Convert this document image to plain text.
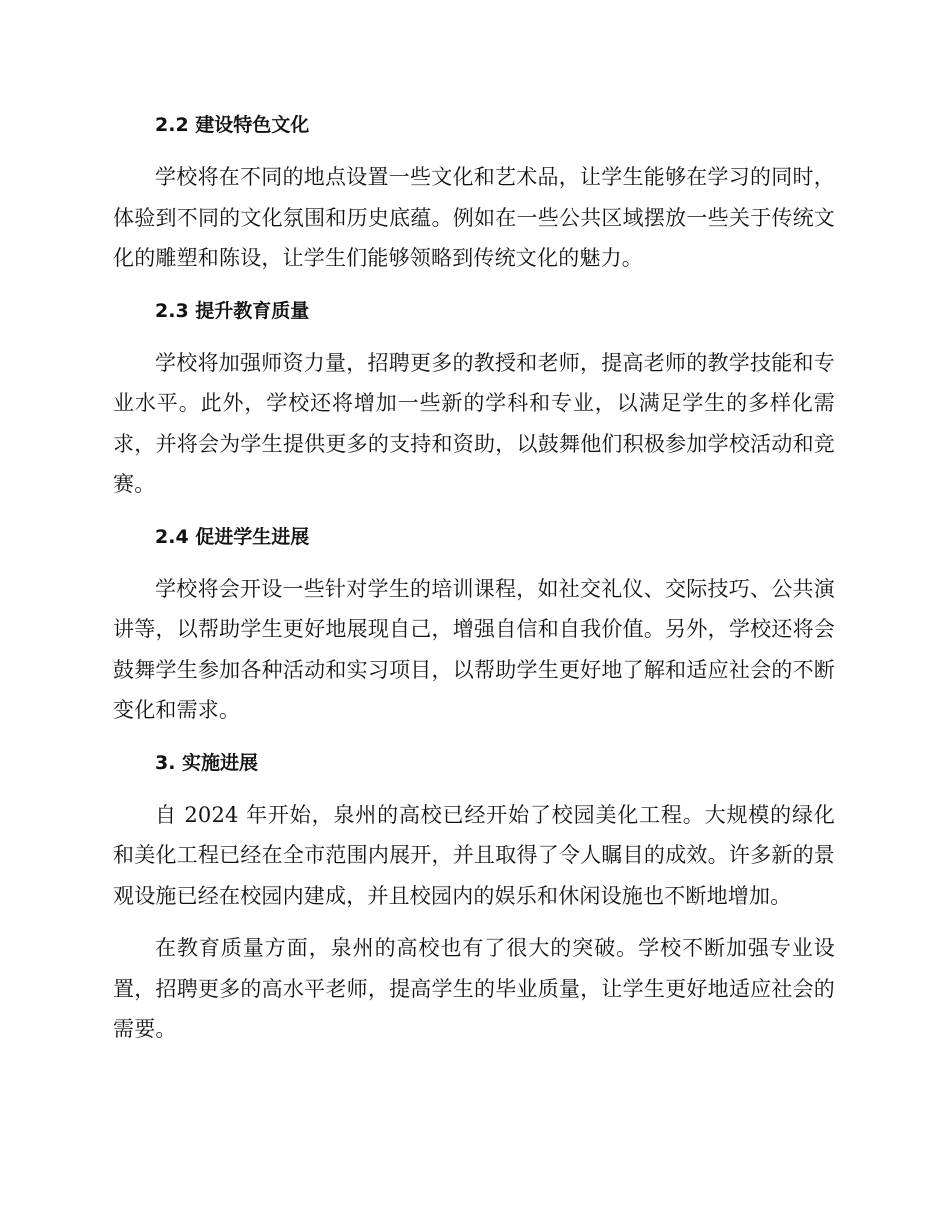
2.2 建设特色文化

学校将在不同的地点设置一些文化和艺术品，让学生能够在学习的同时，体验到不同的文化氛围和历史底蕴。例如在一些公共区域摆放一些关于传统文化的雕塑和陈设，让学生们能够领略到传统文化的魅力。

2.3 提升教育质量

学校将加强师资力量，招聘更多的教授和老师，提高老师的教学技能和专业水平。此外，学校还将增加一些新的学科和专业，以满足学生的多样化需求，并将会为学生提供更多的支持和资助，以鼓舞他们积极参加学校活动和竞赛。

2.4 促进学生进展

学校将会开设一些针对学生的培训课程，如社交礼仪、交际技巧、公共演讲等，以帮助学生更好地展现自己，增强自信和自我价值。另外，学校还将会鼓舞学生参加各种活动和实习项目，以帮助学生更好地了解和适应社会的不断变化和需求。

3. 实施进展

自 2024 年开始，泉州的高校已经开始了校园美化工程。大规模的绿化和美化工程已经在全市范围内展开，并且取得了令人瞩目的成效。许多新的景观设施已经在校园内建成，并且校园内的娱乐和休闲设施也不断地增加。

在教育质量方面，泉州的高校也有了很大的突破。学校不断加强专业设置，招聘更多的高水平老师，提高学生的毕业质量，让学生更好地适应社会的需要。
